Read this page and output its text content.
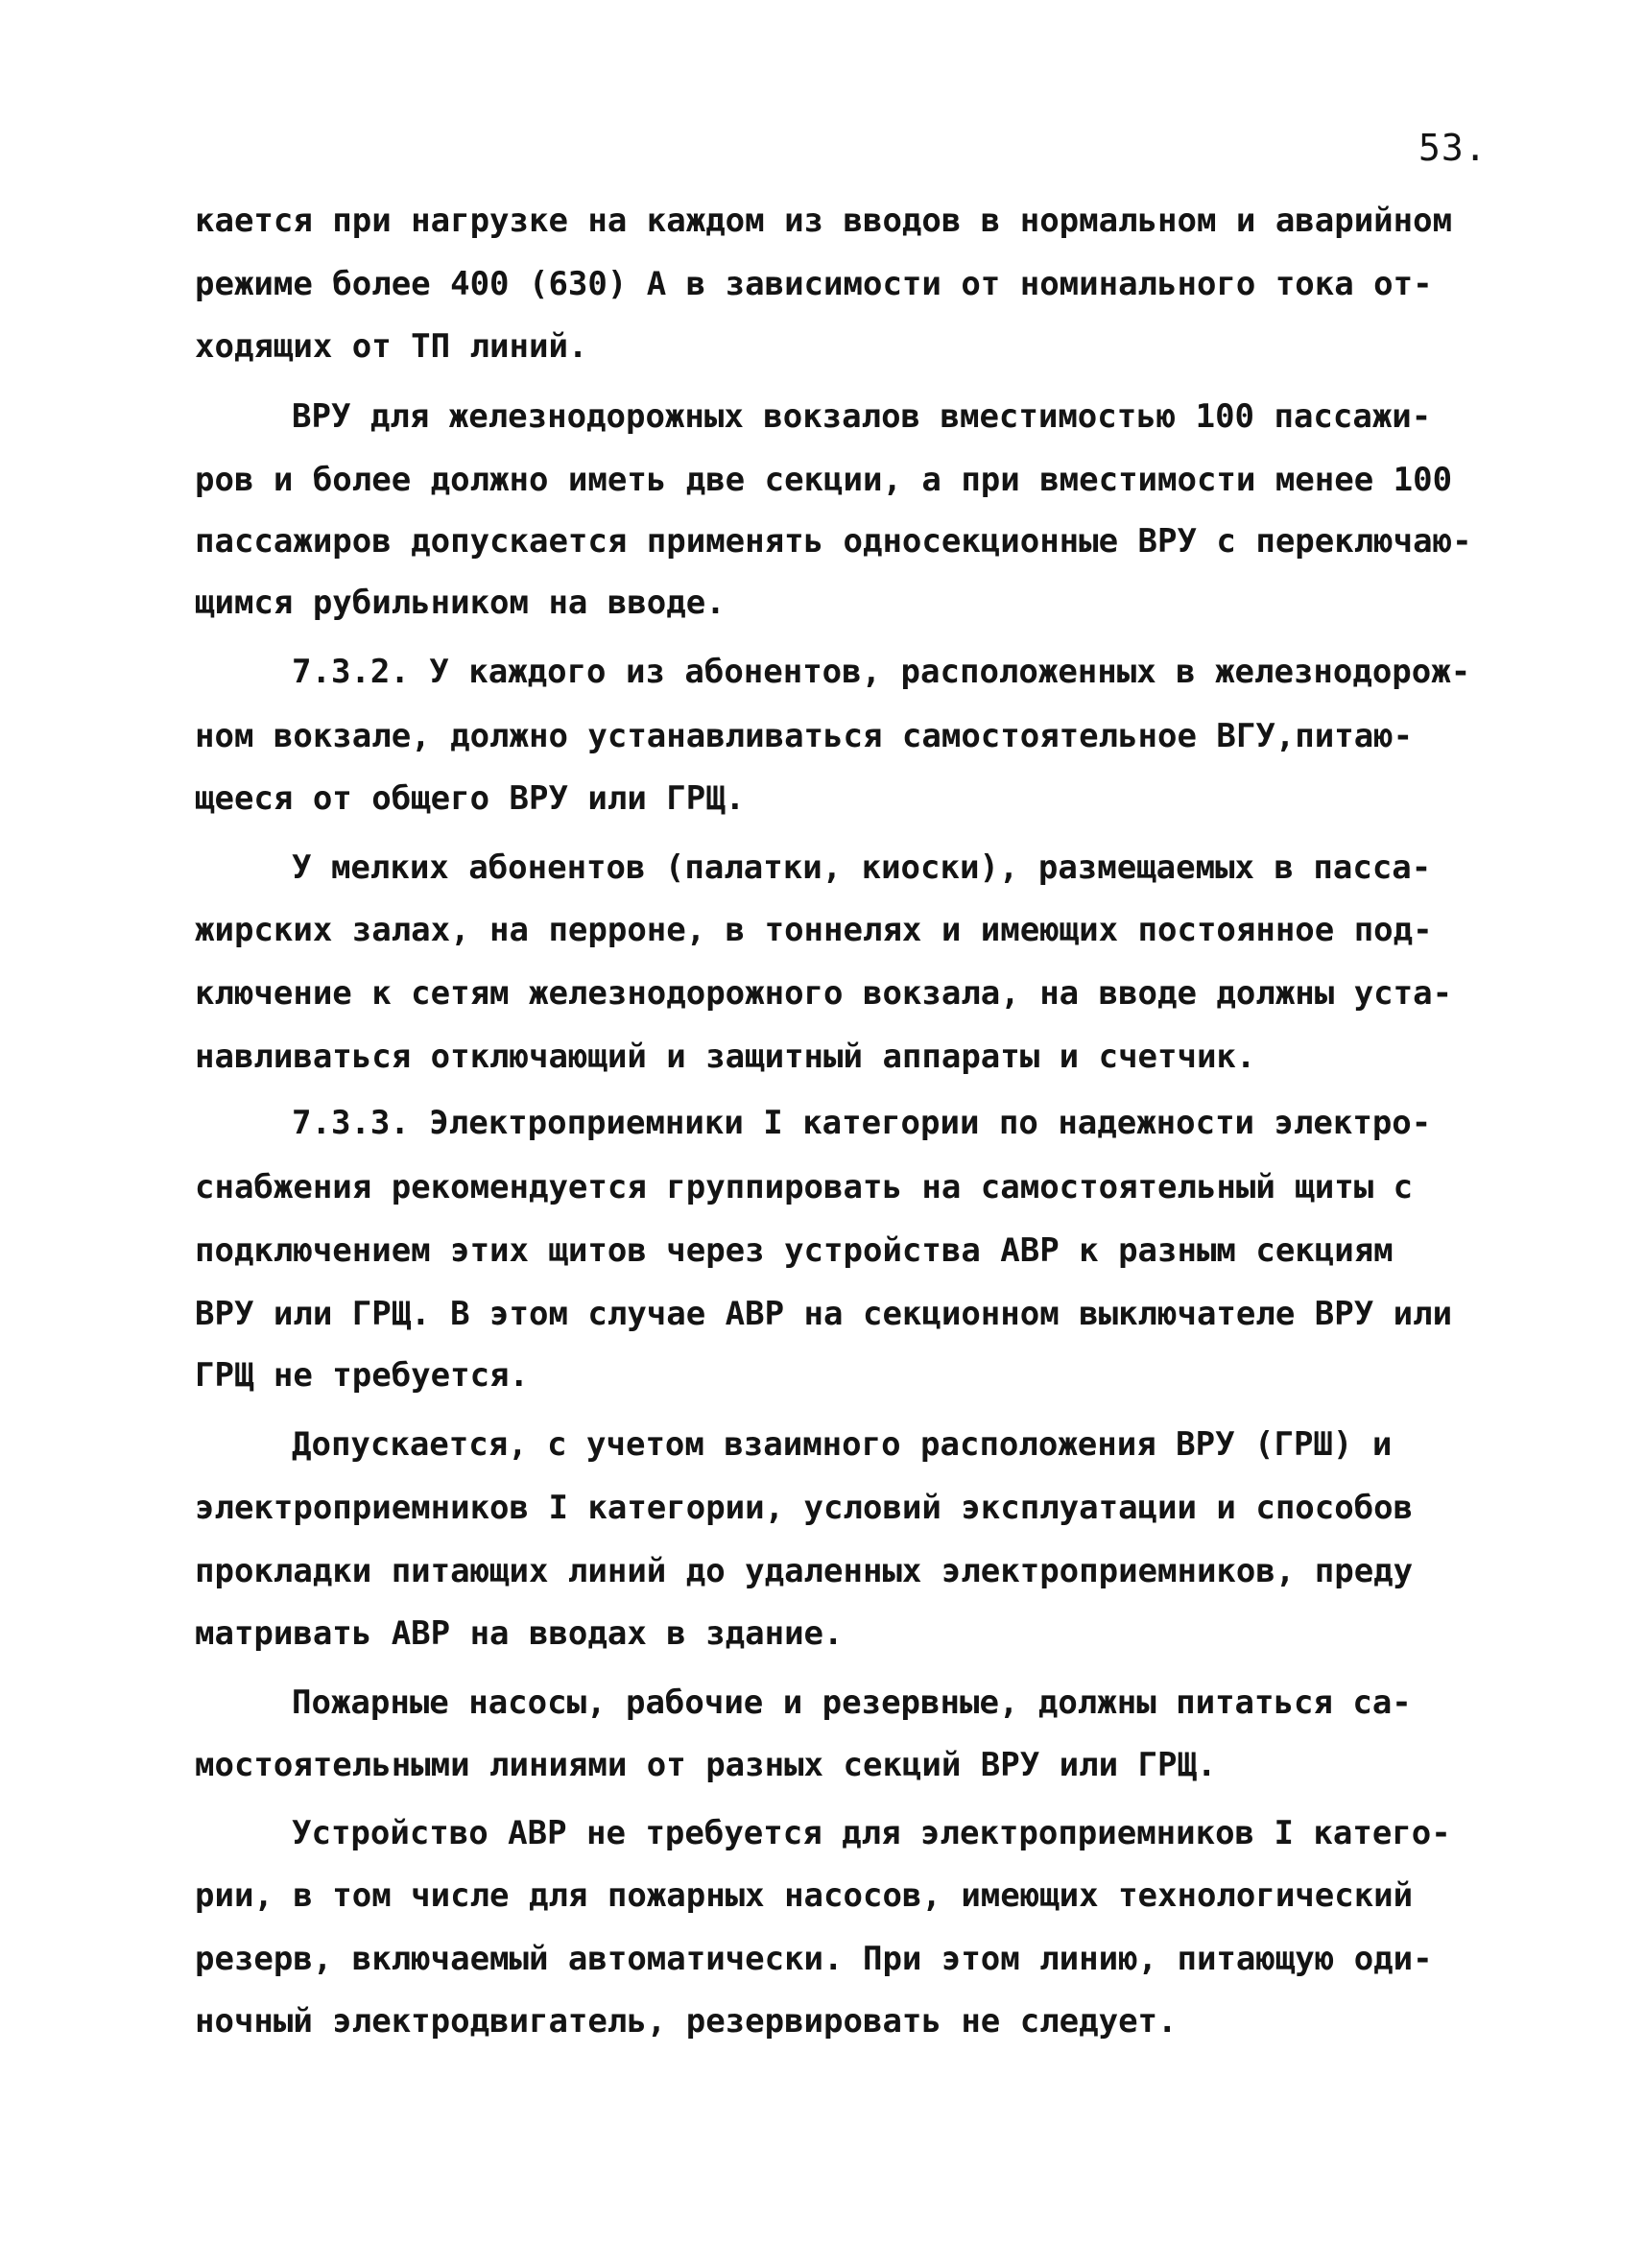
53.
кается при нагрузке на каждом из вводов в нормальном и аварийном
режиме более 400 (630) А в зависимости от номинального тока от-
ходящих от ТП линий.
ВРУ для железнодорожных вокзалов вместимостью 100 пассажи-
ров и более должно иметь две секции, а при вместимости менее 100
пассажиров допускается применять односекционные ВРУ с переключаю-
щимся рубильником на вводе.
7.3.2. У каждого из абонентов, расположенных в железнодорож-
ном вокзале, должно устанавливаться самостоятельное ВГУ,питаю-
щееся от общего ВРУ или ГРЩ.
У мелких абонентов (палатки, киоски), размещаемых в пасса-
жирских залах, на перроне, в тоннелях и имеющих постоянное под-
ключение к сетям железнодорожного вокзала, на вводе должны уста-
навливаться отключающий и защитный аппараты и счетчик.
7.3.3. Электроприемники I категории по надежности электро-
снабжения рекомендуется группировать на самостоятельный щиты с
подключением этих щитов через устройства АВР к разным секциям
ВРУ или ГРЩ. В этом случае АВР на секционном выключателе ВРУ или
ГРЩ не требуется.
Допускается, с учетом взаимного расположения ВРУ (ГРШ) и
электроприемников I категории, условий эксплуатации и способов
прокладки питающих линий до удаленных электроприемников, преду
матривать АВР на вводах в здание.
Пожарные насосы, рабочие и резервные, должны питаться са-
мостоятельными линиями от разных секций ВРУ или ГРЩ.
Устройство АВР не требуется для электроприемников I катего-
рии, в том числе для пожарных насосов, имеющих технологический
резерв, включаемый автоматически. При этом линию, питающую оди-
ночный электродвигатель, резервировать не следует.
